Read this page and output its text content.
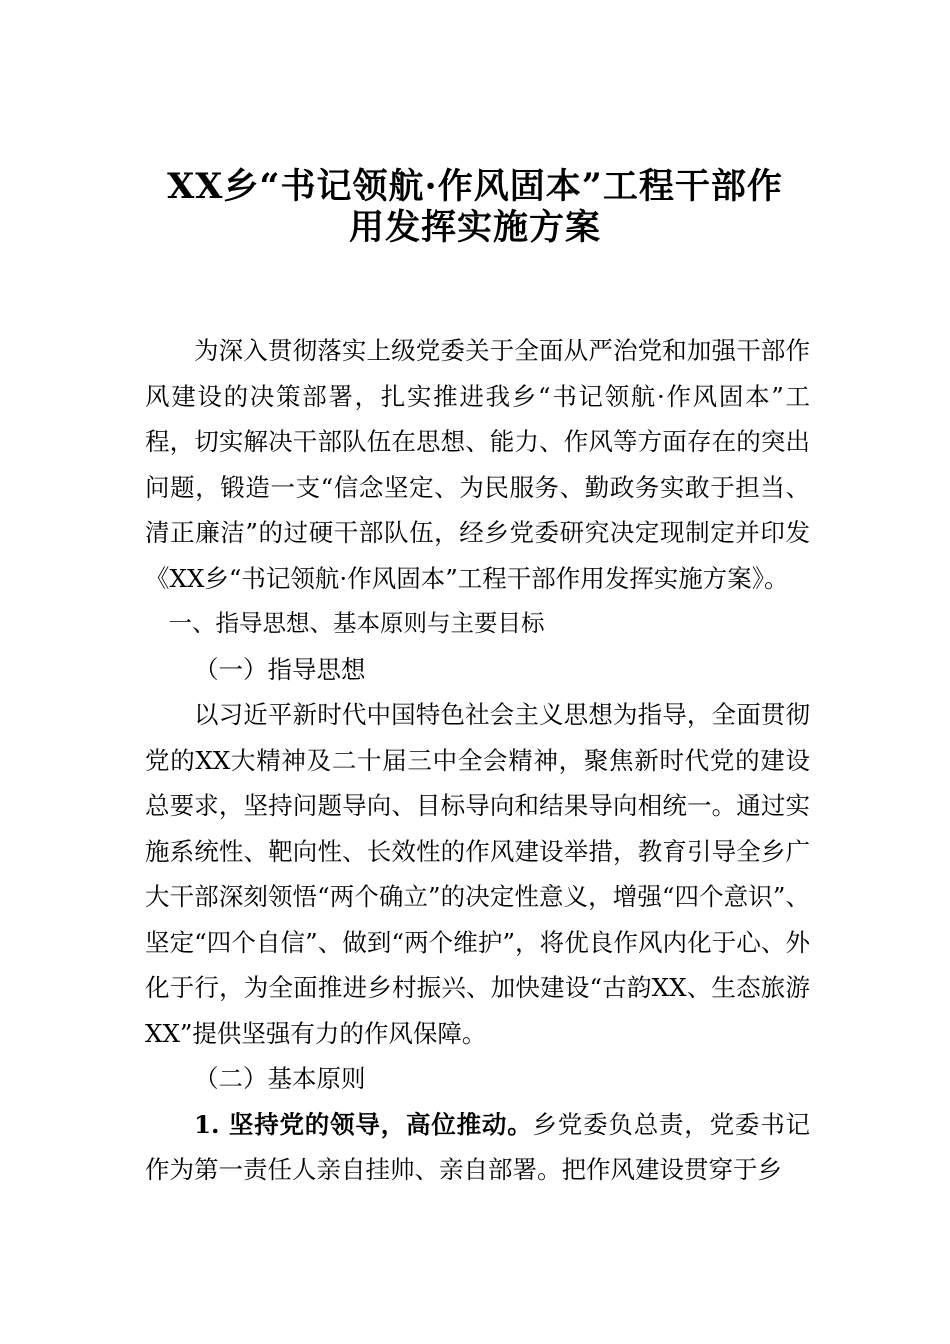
XX乡“书记领航·作风固本”工程干部作
用发挥实施方案

为深入贯彻落实上级党委关于全面从严治党和加强干部作风建设的决策部署，扎实推进我乡“书记领航·作风固本”工程，切实解决干部队伍在思想、能力、作风等方面存在的突出问题，锻造一支“信念坚定、为民服务、勤政务实敢于担当、清正廉洁”的过硬干部队伍，经乡党委研究决定现制定并印发《XX乡“书记领航·作风固本”工程干部作用发挥实施方案》。

一、指导思想、基本原则与主要目标

（一）指导思想

以习近平新时代中国特色社会主义思想为指导，全面贯彻党的XX大精神及二十届三中全会精神，聚焦新时代党的建设总要求，坚持问题导向、目标导向和结果导向相统一。通过实施系统性、靶向性、长效性的作风建设举措，教育引导全乡广大干部深刻领悟“两个确立”的决定性意义，增强“四个意识”、坚定“四个自信”、做到“两个维护”，将优良作风内化于心、外化于行，为全面推进乡村振兴、加快建设“古韵XX、生态旅游XX”提供坚强有力的作风保障。

（二）基本原则

1. 坚持党的领导，高位推动。乡党委负总责，党委书记作为第一责任人亲自挂帅、亲自部署。把作风建设贯穿于乡
